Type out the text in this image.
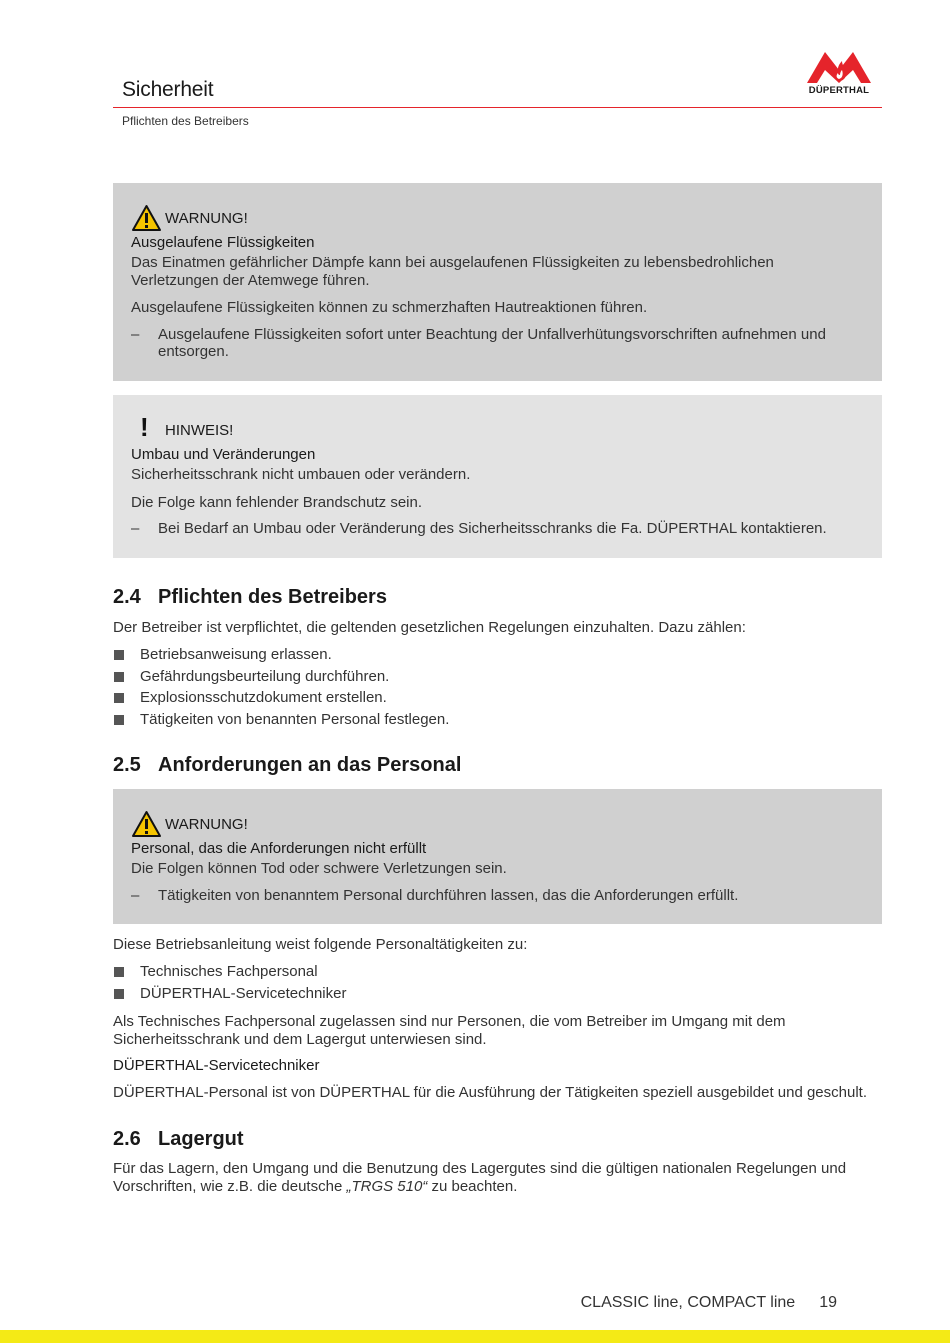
Sicherheit
Pflichten des Betreibers
DÜPERTHAL
WARNUNG!
Ausgelaufene Flüssigkeiten
Das Einatmen gefährlicher Dämpfe kann bei ausgelaufenen Flüssigkeiten zu lebensbedrohlichen Verletzungen der Atemwege führen.
Ausgelaufene Flüssigkeiten können zu schmerzhaften Hautreaktionen führen.
– Ausgelaufene Flüssigkeiten sofort unter Beachtung der Unfallverhütungsvorschriften aufnehmen und entsorgen.
! HINWEIS!
Umbau und Veränderungen
Sicherheitsschrank nicht umbauen oder verändern.
Die Folge kann fehlender Brandschutz sein.
– Bei Bedarf an Umbau oder Veränderung des Sicherheitsschranks die Fa. DÜPERTHAL kontaktieren.
2.4 Pflichten des Betreibers
Der Betreiber ist verpflichtet, die geltenden gesetzlichen Regelungen einzuhalten. Dazu zählen:
Betriebsanweisung erlassen.
Gefährdungsbeurteilung durchführen.
Explosionsschutzdokument erstellen.
Tätigkeiten von benannten Personal festlegen.
2.5 Anforderungen an das Personal
WARNUNG!
Personal, das die Anforderungen nicht erfüllt
Die Folgen können Tod oder schwere Verletzungen sein.
– Tätigkeiten von benanntem Personal durchführen lassen, das die Anforderungen erfüllt.
Diese Betriebsanleitung weist folgende Personaltätigkeiten zu:
Technisches Fachpersonal
DÜPERTHAL-Servicetechniker
Als Technisches Fachpersonal zugelassen sind nur Personen, die vom Betreiber im Umgang mit dem Sicherheitsschrank und dem Lagergut unterwiesen sind.
DÜPERTHAL-Servicetechniker
DÜPERTHAL-Personal ist von DÜPERTHAL für die Ausführung der Tätigkeiten speziell ausgebildet und geschult.
2.6 Lagergut
Für das Lagern, den Umgang und die Benutzung des Lagergutes sind die gültigen nationalen Regelungen und Vorschriften, wie z.B. die deutsche „TRGS 510“ zu beachten.
CLASSIC line, COMPACT line 19
